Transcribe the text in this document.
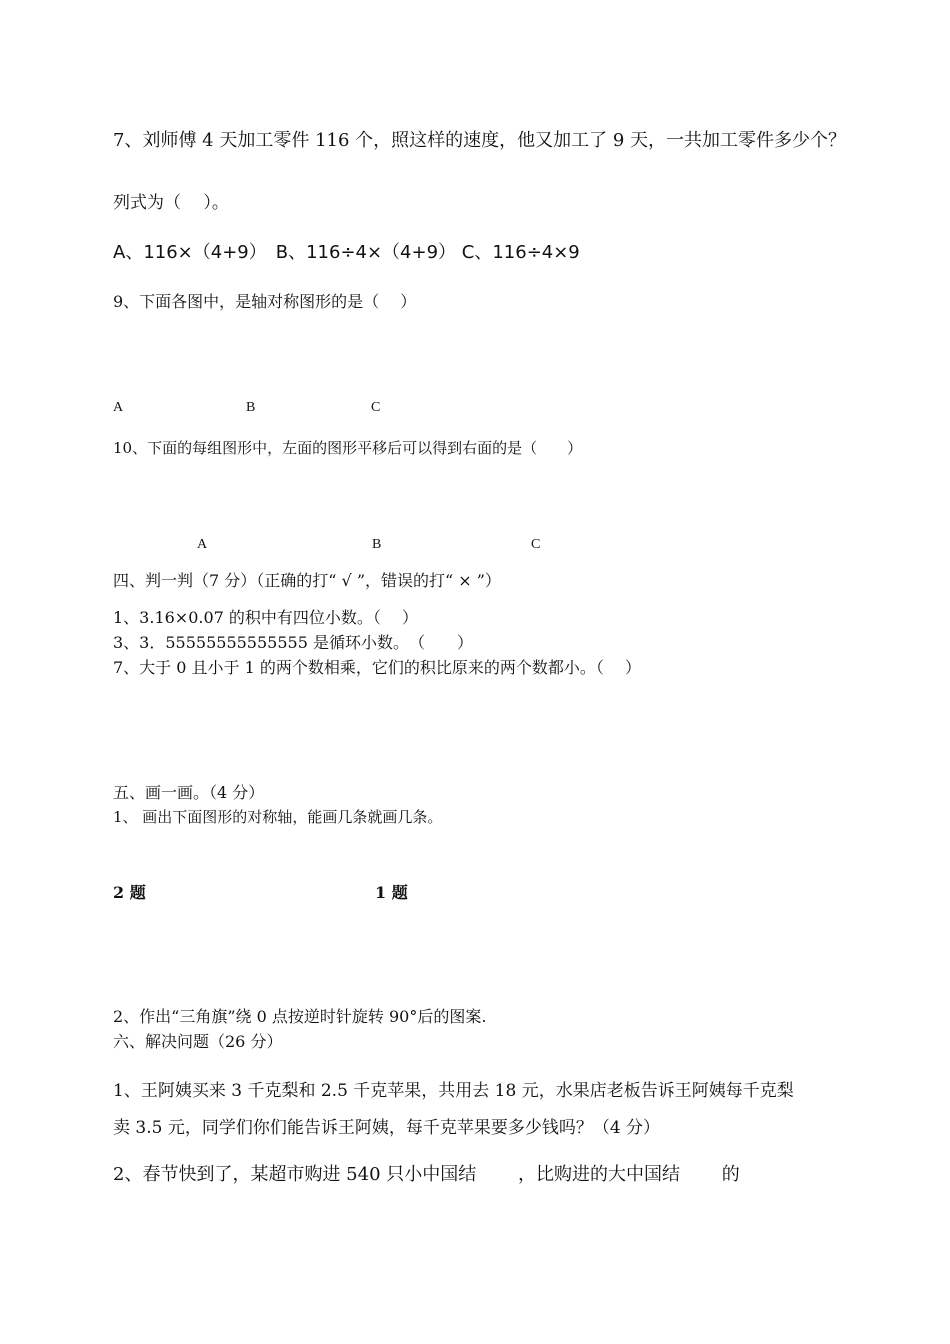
7、刘师傅 4 天加工零件 116 个，照这样的速度，他又加工了 9 天，一共加工零件多少个？
列式为（　 ）。
A、116×（4+9）　B、116÷4×（4+9） C、116÷4×9
9、下面各图中，是轴对称图形的是（　 ）
A	B	C
10、下面的每组图形中，左面的图形平移后可以得到右面的是（　　）
A	B	C
四、判一判（7 分）（正确的打“ √ ”，错误的打“ × ”）
1、3.16×0.07 的积中有四位小数。（　 ）
3、3．55555555555555 是循环小数。　（　　）
7、大于 0 且小于 1 的两个数相乘，它们的积比原来的两个数都小。（　 ）
五、画一画。（4 分）
1、 画出下面图形的对称轴，能画几条就画几条。
2 题	1 题
2、作出“三角旗”绕 0 点按逆时针旋转 90°后的图案.
六、解决问题（26 分）
1、王阿姨买来 3 千克梨和 2.5 千克苹果，共用去 18 元，水果店老板告诉王阿姨每千克梨
卖 3.5 元，同学们你们能告诉王阿姨，每千克苹果要多少钱吗？（4 分）
2、春节快到了，某超市购进 540 只小中国结　　 ，比购进的大中国结　　 的
